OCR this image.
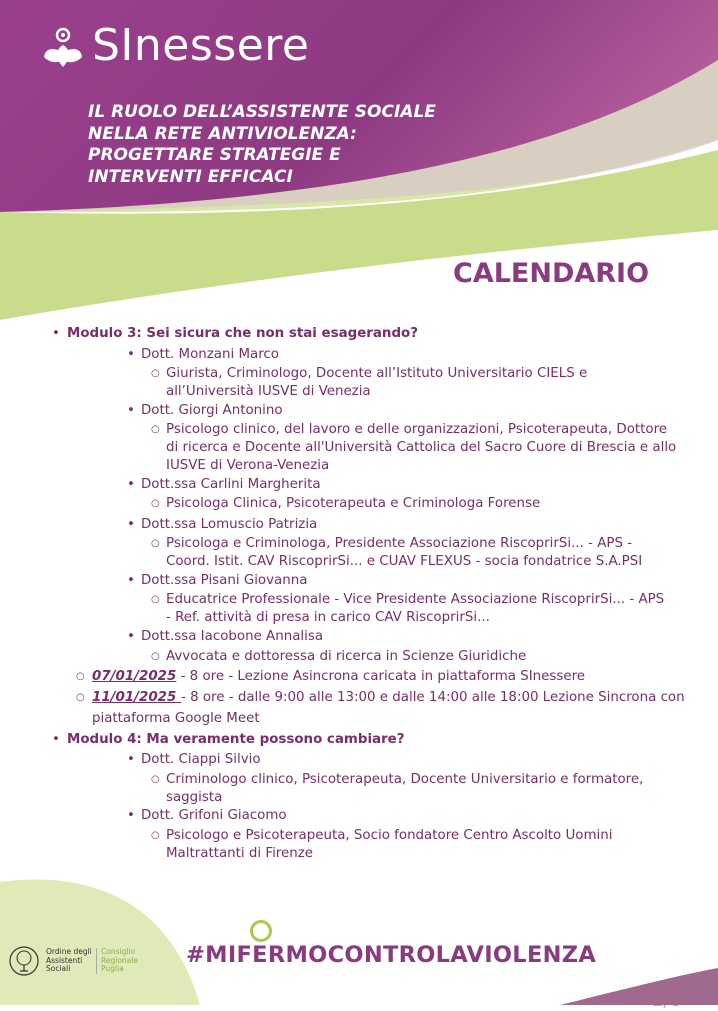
SInessere
IL RUOLO DELL’ASSISTENTE SOCIALE
NELLA RETE ANTIVIOLENZA:
PROGETTARE STRATEGIE E
INTERVENTI EFFICACI
CALENDARIO
• Modulo 3: Sei sicura che non stai esagerando?
• Dott. Monzani Marco
○ Giurista, Criminologo, Docente all’Istituto Universitario CIELS e
all’Università IUSVE di Venezia
• Dott. Giorgi Antonino
○ Psicologo clinico, del lavoro e delle organizzazioni, Psicoterapeuta, Dottore
di ricerca e Docente all'Università Cattolica del Sacro Cuore di Brescia e allo
IUSVE di Verona-Venezia
• Dott.ssa Carlini Margherita
○ Psicologa Clinica, Psicoterapeuta e Criminologa Forense
• Dott.ssa Lomuscio Patrizia
○ Psicologa e Criminologa, Presidente Associazione RiscoprirSi... - APS -
Coord. Istit. CAV RiscoprirSi... e CUAV FLEXUS - socia fondatrice S.A.PSI
• Dott.ssa Pisani Giovanna
○ Educatrice Professionale - Vice Presidente Associazione RiscoprirSi... - APS
- Ref. attività di presa in carico CAV RiscoprirSi...
• Dott.ssa Iacobone Annalisa
○ Avvocata e dottoressa di ricerca in Scienze Giuridiche
○ 07/01/2025 - 8 ore - Lezione Asincrona caricata in piattaforma SInessere
○ 11/01/2025 - 8 ore - dalle 9:00 alle 13:00 e dalle 14:00 alle 18:00 Lezione Sincrona con
piattaforma Google Meet
• Modulo 4: Ma veramente possono cambiare?
• Dott. Ciappi Silvio
○ Criminologo clinico, Psicoterapeuta, Docente Universitario e formatore,
saggista
• Dott. Grifoni Giacomo
○ Psicologo e Psicoterapeuta, Socio fondatore Centro Ascolto Uomini
Maltrattanti di Firenze
#MIFERMOCONTROLAVIOLENZA
Ordine degli
Assistenti
Sociali
Consiglio
Regionale
Puglia
2/6
